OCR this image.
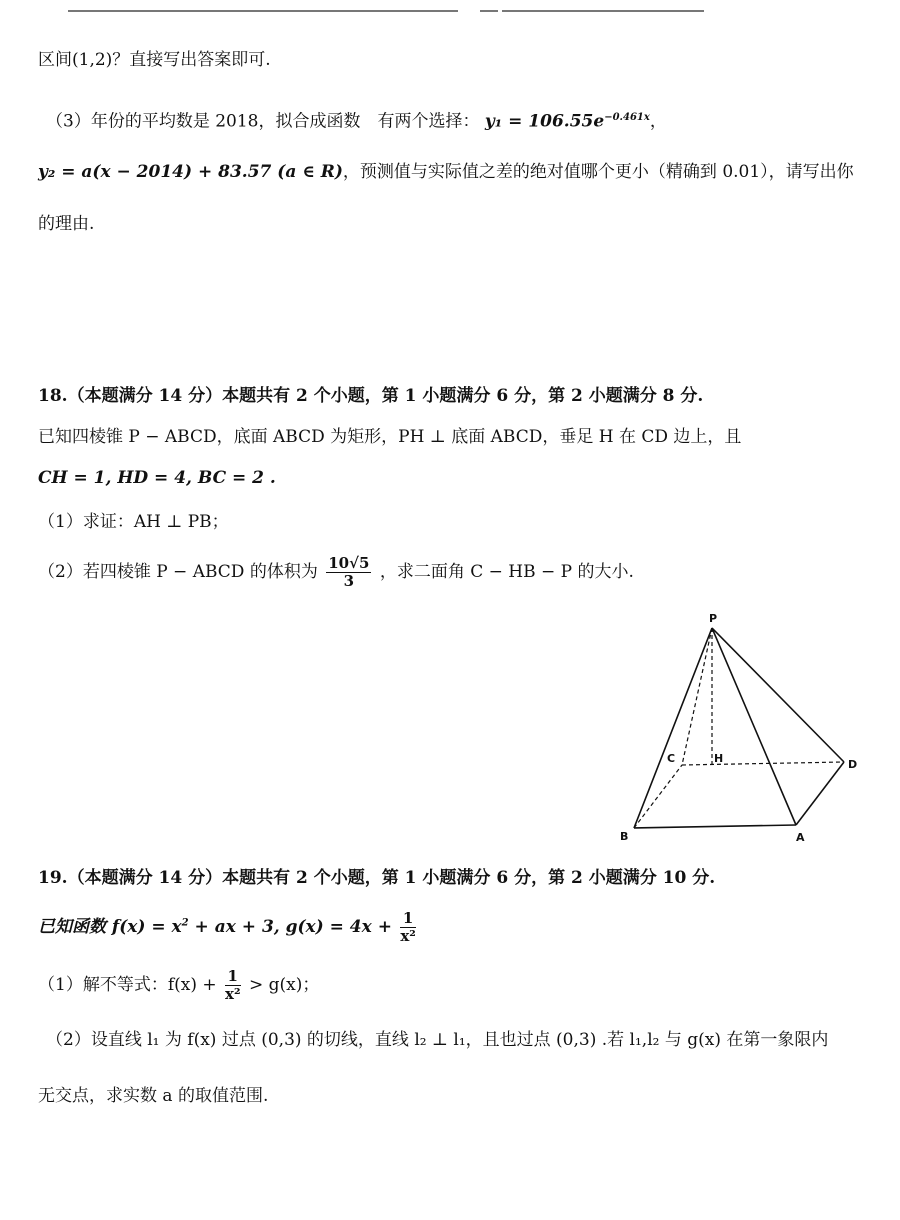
区间(1,2)？直接写出答案即可.
（3）年份的平均数是 2018，拟合成函数　有两个选择： $y_1 = 106.55e^{-0.461x}$，
y₂ = a(x − 2014) + 83.57 (a ∈ R)，预测值与实际值之差的绝对值哪个更小（精确到 0.01），请写出你
的理由.
18.（本题满分 14 分）本题共有 2 个小题，第 1 小题满分 6 分，第 2 小题满分 8 分.
已知四棱锥 P − ABCD，底面 ABCD 为矩形，PH ⊥ 底面 ABCD，垂足 H 在 CD 边上，且
CH = 1, HD = 4, BC = 2 .
（1）求证：AH ⊥ PB；
（2）若四棱锥 P − ABCD 的体积为 $\frac{10√5}{3}$ ，求二面角 C − HB − P 的大小.
P
C	H	D
B	A
19.（本题满分 14 分）本题共有 2 个小题，第 1 小题满分 6 分，第 2 小题满分 10 分.
已知函数 $f(x) = x^2$ + ax + 3, $g(x) = 4x + \frac{1}{\text{x²}}$
（1）解不等式：$f(x) + \frac{1}{\text{x²}} > g(x)$；
（2）设直线 l₁ 为 f(x) 过点 (0,3) 的切线，直线 l₂ ⊥ l₁，且也过点 (0,3) .若 l₁,l₂ 与 g(x) 在第一象限内
无交点，求实数 a 的取值范围.
